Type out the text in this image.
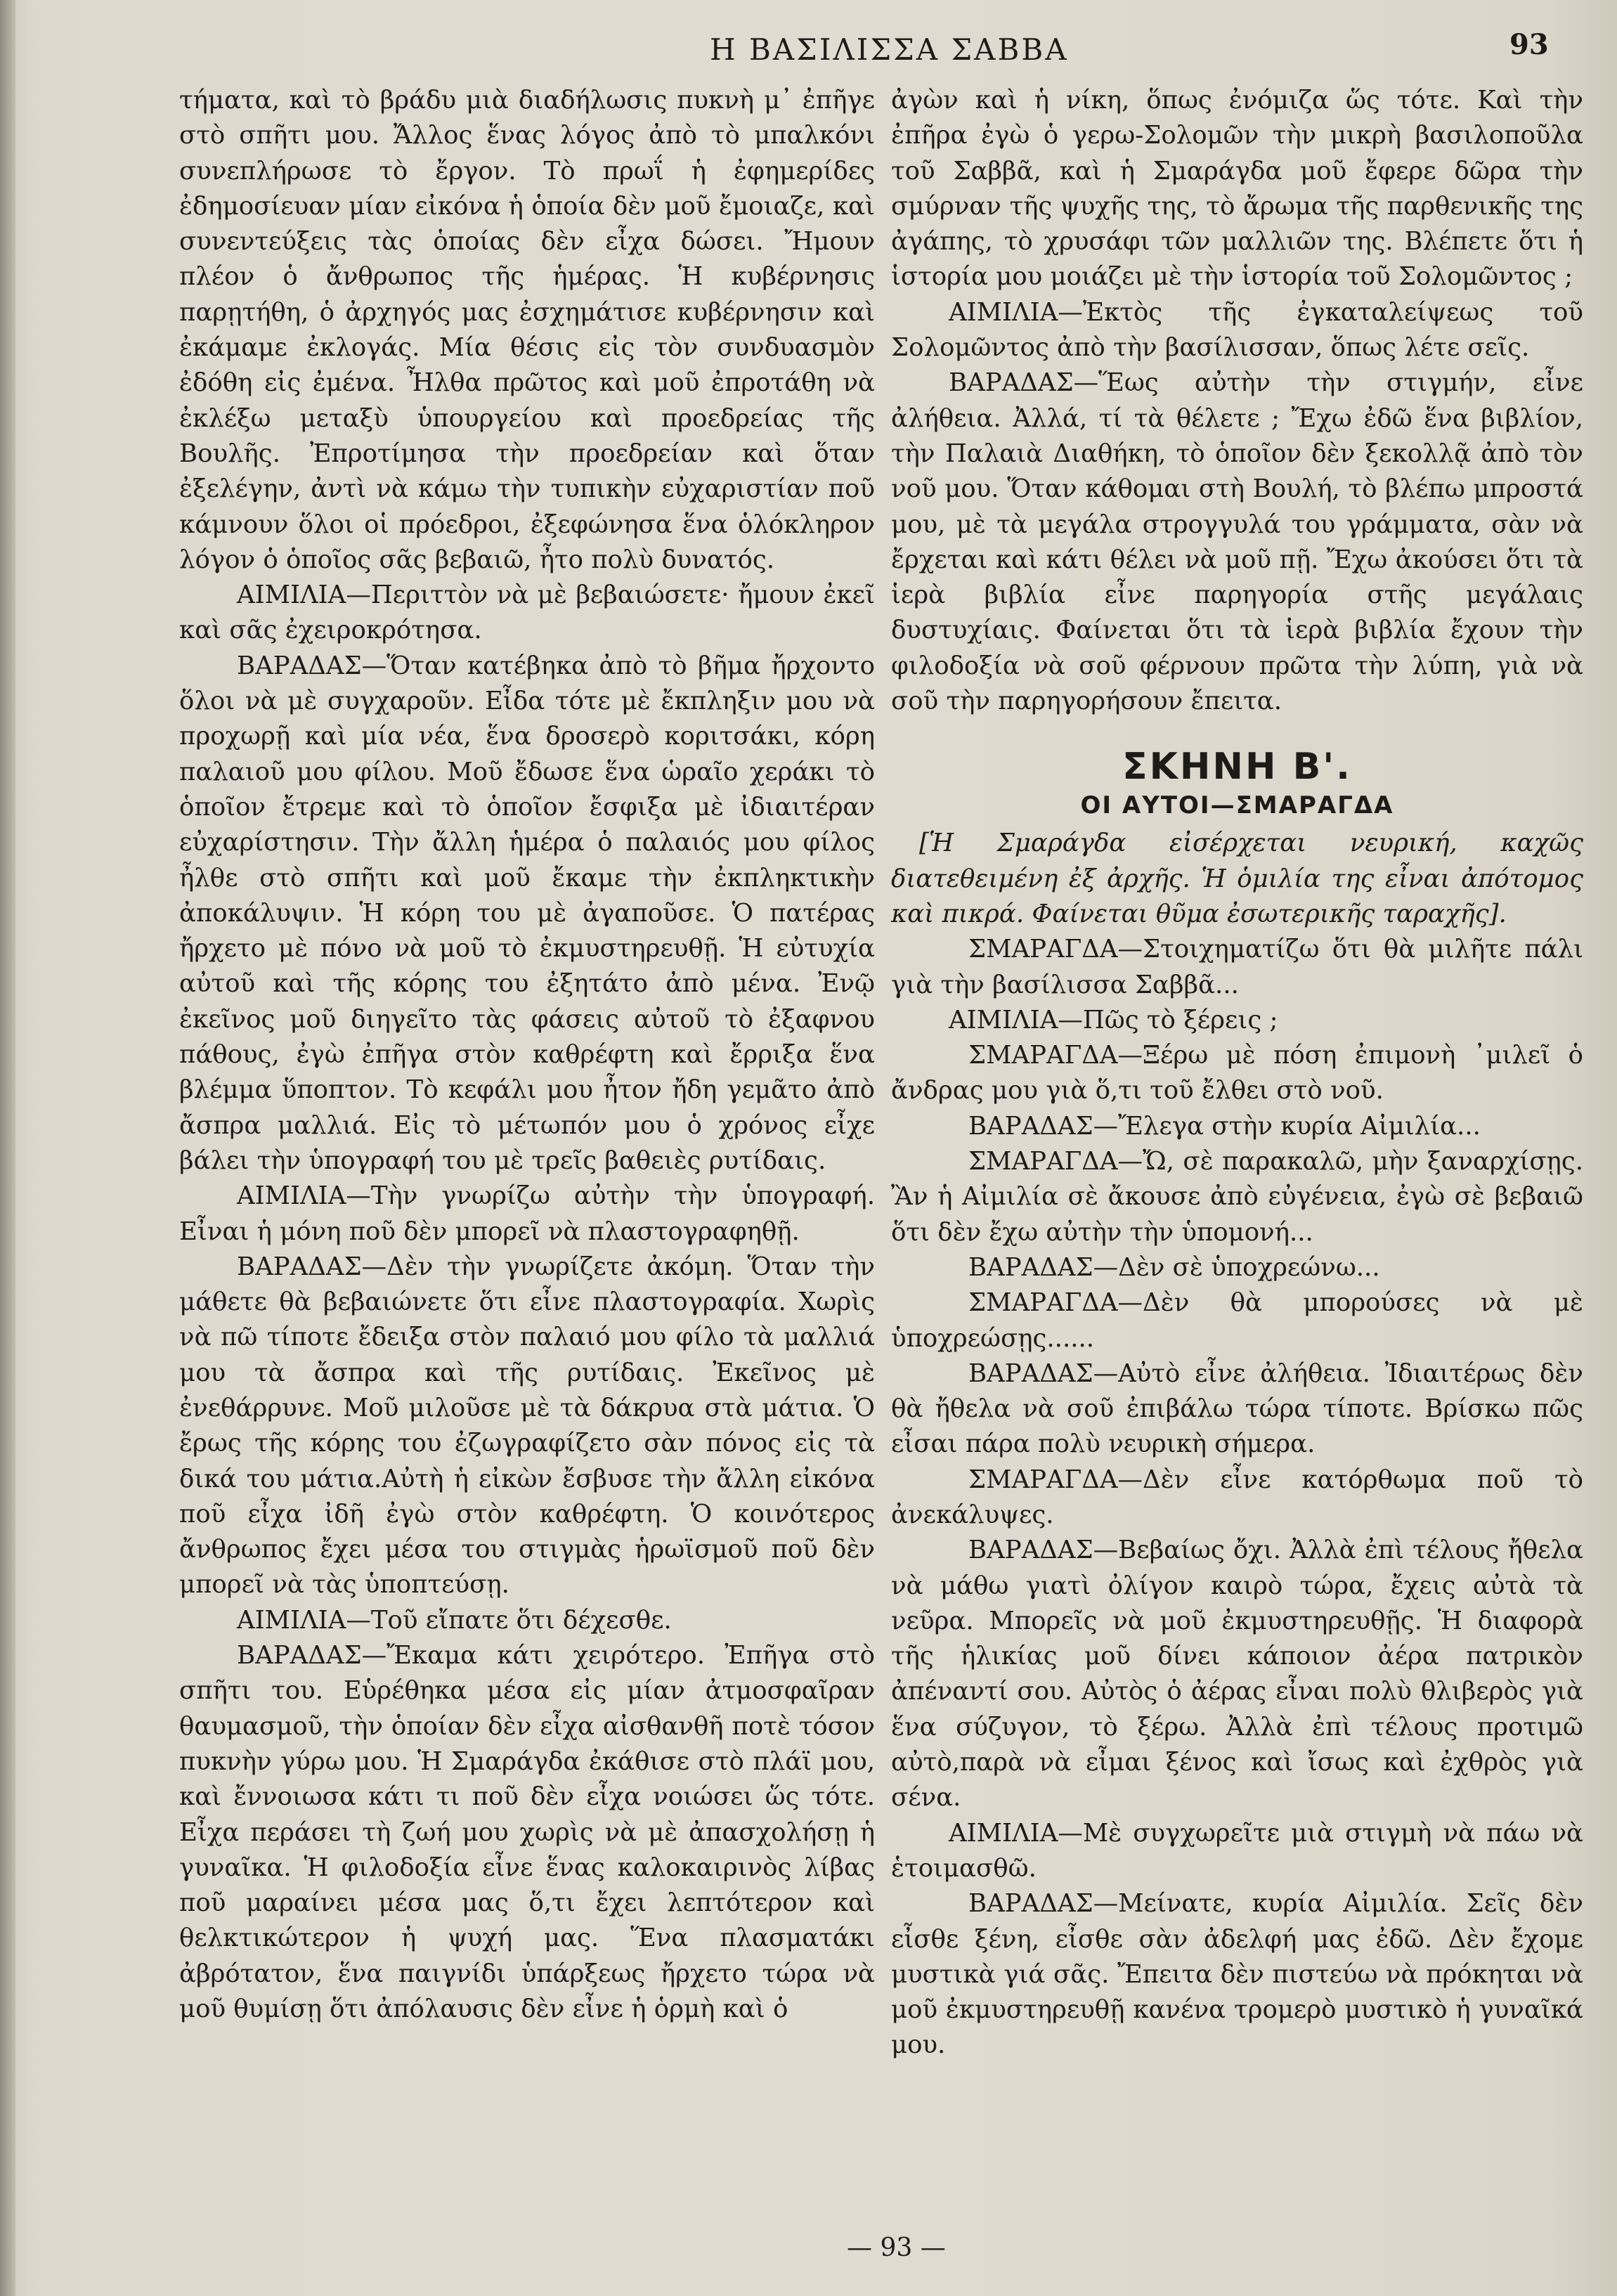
Η ΒΑΣΙΛΙΣΣΑ ΣΑΒΒΑ	93

τήματα, καὶ τὸ βράδυ μιὰ διαδήλωσις πυκνὴ μ᾽ ἐπῆγε στὸ σπῆτι μου. Ἄλλος ἕνας λόγος ἀπὸ τὸ μπαλκόνι συνεπλήρωσε τὸ ἔργον. Τὸ πρωΐ ἡ ἐφημερίδες ἐδημοσίευαν μίαν εἰκόνα ἡ ὁποία δὲν μοῦ ἔμοιαζε, καὶ συνεντεύξεις τὰς ὁποίας δὲν εἶχα δώσει. Ἤμουν πλέον ὁ ἄνθρωπος τῆς ἡμέρας. Ἡ κυβέρνησις παρῃτήθη, ὁ ἀρχηγός μας ἐσχημάτισε κυβέρνησιν καὶ ἐκάμαμε ἐκλογάς. Μία θέσις εἰς τὸν συνδυασμὸν ἐδόθη εἰς ἐμένα. Ἦλθα πρῶτος καὶ μοῦ ἐπροτάθη νὰ ἐκλέξω μεταξὺ ὑπουργείου καὶ προεδρείας τῆς Βουλῆς. Ἐπροτίμησα τὴν προεδρείαν καὶ ὅταν ἐξελέγην, ἀντὶ νὰ κάμω τὴν τυπικὴν εὐχαριστίαν ποῦ κάμνουν ὅλοι οἱ πρόεδροι, ἐξεφώνησα ἕνα ὁλόκληρον λόγον ὁ ὁποῖος σᾶς βεβαιῶ, ἦτο πολὺ δυνατός.

ΑΙΜΙΛΙΑ—Περιττὸν νὰ μὲ βεβαιώσετε· ἤμουν ἐκεῖ καὶ σᾶς ἐχειροκρότησα.

ΒΑΡΑΔΑΣ—Ὅταν κατέβηκα ἀπὸ τὸ βῆμα ἤρχοντο ὅλοι νὰ μὲ συγχαροῦν. Εἶδα τότε μὲ ἔκπληξιν μου νὰ προχωρῇ καὶ μία νέα, ἕνα δροσερὸ κοριτσάκι, κόρη παλαιοῦ μου φίλου. Μοῦ ἔδωσε ἕνα ὡραῖο χεράκι τὸ ὁποῖον ἔτρεμε καὶ τὸ ὁποῖον ἔσφιξα μὲ ἰδιαιτέραν εὐχαρίστησιν. Τὴν ἄλλη ἡμέρα ὁ παλαιός μου φίλος ἦλθε στὸ σπῆτι καὶ μοῦ ἔκαμε τὴν ἐκπληκτικὴν ἀποκάλυψιν. Ἡ κόρη του μὲ ἀγαποῦσε. Ὁ πατέρας ἤρχετο μὲ πόνο νὰ μοῦ τὸ ἐκμυστηρευθῇ. Ἡ εὐτυχία αὐτοῦ καὶ τῆς κόρης του ἐξητάτο ἀπὸ μένα. Ἐνῷ ἐκεῖνος μοῦ διηγεῖτο τὰς φάσεις αὐτοῦ τὸ ἐξαφνου πάθους, ἐγὼ ἐπῆγα στὸν καθρέφτη καὶ ἔρριξα ἕνα βλέμμα ὕποπτον. Τὸ κεφάλι μου ἦτον ἤδη γεμᾶτο ἀπὸ ἄσπρα μαλλιά. Εἰς τὸ μέτωπόν μου ὁ χρόνος εἶχε βάλει τὴν ὑπογραφή του μὲ τρεῖς βαθειὲς ρυτίδαις.

ΑΙΜΙΛΙΑ—Τὴν γνωρίζω αὐτὴν τὴν ὑπογραφή. Εἶναι ἡ μόνη ποῦ δὲν μπορεῖ νὰ πλαστογραφηθῇ.

ΒΑΡΑΔΑΣ—Δὲν τὴν γνωρίζετε ἀκόμη. Ὅταν τὴν μάθετε θὰ βεβαιώνετε ὅτι εἶνε πλαστογραφία. Χωρὶς νὰ πῶ τίποτε ἔδειξα στὸν παλαιό μου φίλο τὰ μαλλιά μου τὰ ἄσπρα καὶ τῆς ρυτίδαις. Ἐκεῖνος μὲ ἐνεθάρρυνε. Μοῦ μιλοῦσε μὲ τὰ δάκρυα στὰ μάτια. Ὁ ἔρως τῆς κόρης του ἐζωγραφίζετο σὰν πόνος εἰς τὰ δικά του μάτια.Αὐτὴ ἡ εἰκὼν ἔσβυσε τὴν ἄλλη εἰκόνα ποῦ εἶχα ἰδῆ ἐγὼ στὸν καθρέφτη. Ὁ κοινότερος ἄνθρωπος ἔχει μέσα του στιγμὰς ἡρωϊσμοῦ ποῦ δὲν μπορεῖ νὰ τὰς ὑποπτεύσῃ.

ΑΙΜΙΛΙΑ—Τοῦ εἴπατε ὅτι δέχεσθε.

ΒΑΡΑΔΑΣ—Ἔκαμα κάτι χειρότερο. Ἐπῆγα στὸ σπῆτι του. Εὑρέθηκα μέσα εἰς μίαν ἀτμοσφαῖραν θαυμασμοῦ, τὴν ὁποίαν δὲν εἶχα αἰσθανθῆ ποτὲ τόσον πυκνὴν γύρω μου. Ἡ Σμαράγδα ἐκάθισε στὸ πλάϊ μου, καὶ ἔννοιωσα κάτι τι ποῦ δὲν εἶχα νοιώσει ὥς τότε. Εἶχα περάσει τὴ ζωή μου χωρὶς νὰ μὲ ἀπασχολήσῃ ἡ γυναῖκα. Ἡ φιλοδοξία εἶνε ἕνας καλοκαιρινὸς λίβας ποῦ μαραίνει μέσα μας ὅ,τι ἔχει λεπτότερον καὶ θελκτικώτερον ἡ ψυχή μας. Ἕνα πλασματάκι ἀβρότατον, ἕνα παιγνίδι ὑπάρξεως ἤρχετο τώρα νὰ μοῦ θυμίσῃ ὅτι ἀπόλαυσις δὲν εἶνε ἡ ὁρμὴ καὶ ὁ

ἀγὼν καὶ ἡ νίκη, ὅπως ἐνόμιζα ὥς τότε. Καὶ τὴν ἐπῆρα ἐγὼ ὁ γερω-Σολομῶν τὴν μικρὴ βασιλοποῦλα τοῦ Σαββᾶ, καὶ ἡ Σμαράγδα μοῦ ἔφερε δῶρα τὴν σμύρναν τῆς ψυχῆς της, τὸ ἄρωμα τῆς παρθενικῆς της ἀγάπης, τὸ χρυσάφι τῶν μαλλιῶν της. Βλέπετε ὅτι ἡ ἱστορία μου μοιάζει μὲ τὴν ἱστορία τοῦ Σολομῶντος ;

ΑΙΜΙΛΙΑ—Ἐκτὸς τῆς ἐγκαταλείψεως τοῦ Σολομῶντος ἀπὸ τὴν βασίλισσαν, ὅπως λέτε σεῖς.

ΒΑΡΑΔΑΣ—Ἕως αὐτὴν τὴν στιγμήν, εἶνε ἀλήθεια. Ἀλλά, τί τὰ θέλετε ; Ἔχω ἐδῶ ἕνα βιβλίον, τὴν Παλαιὰ Διαθήκη, τὸ ὁποῖον δὲν ξεκολλᾷ ἀπὸ τὸν νοῦ μου. Ὅταν κάθομαι στὴ Βουλή, τὸ βλέπω μπροστά μου, μὲ τὰ μεγάλα στρογγυλά του γράμματα, σὰν νὰ ἔρχεται καὶ κάτι θέλει νὰ μοῦ πῇ. Ἔχω ἀκούσει ὅτι τὰ ἱερὰ βιβλία εἶνε παρηγορία στῆς μεγάλαις δυστυχίαις. Φαίνεται ὅτι τὰ ἱερὰ βιβλία ἔχουν τὴν φιλοδοξία νὰ σοῦ φέρνουν πρῶτα τὴν λύπη, γιὰ νὰ σοῦ τὴν παρηγορήσουν ἔπειτα.

ΣΚΗΝΗ Β'.
ΟΙ ΑΥΤΟΙ—ΣΜΑΡΑΓΔΑ

[Ἡ Σμαράγδα εἰσέρχεται νευρική, καχῶς διατεθειμένη ἐξ ἀρχῆς. Ἡ ὁμιλία της εἶναι ἀπότομος καὶ πικρά. Φαίνεται θῦμα ἐσωτερικῆς ταραχῆς].

ΣΜΑΡΑΓΔΑ—Στοιχηματίζω ὅτι θὰ μιλῆτε πάλι γιὰ τὴν βασίλισσα Σαββᾶ...

ΑΙΜΙΛΙΑ—Πῶς τὸ ξέρεις ;

ΣΜΑΡΑΓΔΑ—Ξέρω μὲ πόση ἐπιμονὴ ᾿μιλεῖ ὁ ἄνδρας μου γιὰ ὅ,τι τοῦ ἔλθει στὸ νοῦ.

ΒΑΡΑΔΑΣ—Ἔλεγα στὴν κυρία Αἰμιλία...

ΣΜΑΡΑΓΔΑ—Ὤ, σὲ παρακαλῶ, μὴν ξαναρχίσῃς. Ἂν ἡ Αἰμιλία σὲ ἄκουσε ἀπὸ εὐγένεια, ἐγὼ σὲ βεβαιῶ ὅτι δὲν ἔχω αὐτὴν τὴν ὑπομονή...

ΒΑΡΑΔΑΣ—Δὲν σὲ ὑποχρεώνω...

ΣΜΑΡΑΓΔΑ—Δὲν θὰ μπορούσες νὰ μὲ ὑποχρεώσῃς......

ΒΑΡΑΔΑΣ—Αὐτὸ εἶνε ἀλήθεια. Ἰδιαιτέρως δὲν θὰ ἤθελα νὰ σοῦ ἐπιβάλω τώρα τίποτε. Βρίσκω πῶς εἶσαι πάρα πολὺ νευρικὴ σήμερα.

ΣΜΑΡΑΓΔΑ—Δὲν εἶνε κατόρθωμα ποῦ τὸ ἀνεκάλυψες.

ΒΑΡΑΔΑΣ—Βεβαίως ὄχι. Ἀλλὰ ἐπὶ τέλους ἤθελα νὰ μάθω γιατὶ ὀλίγον καιρὸ τώρα, ἔχεις αὐτὰ τὰ νεῦρα. Μπορεῖς νὰ μοῦ ἐκμυστηρευθῇς. Ἡ διαφορὰ τῆς ἡλικίας μοῦ δίνει κάποιον ἀέρα πατρικὸν ἀπέναντί σου. Αὐτὸς ὁ ἀέρας εἶναι πολὺ θλιβερὸς γιὰ ἕνα σύζυγον, τὸ ξέρω. Ἀλλὰ ἐπὶ τέλους προτιμῶ αὐτὸ,παρὰ νὰ εἶμαι ξένος καὶ ἴσως καὶ ἐχθρὸς γιὰ σένα.

ΑΙΜΙΛΙΑ—Μὲ συγχωρεῖτε μιὰ στιγμὴ νὰ πάω νὰ ἑτοιμασθῶ.

ΒΑΡΑΔΑΣ—Μείνατε, κυρία Αἰμιλία. Σεῖς δὲν εἶσθε ξένη, εἶσθε σὰν ἀδελφή μας ἐδῶ. Δὲν ἔχομε μυστικὰ γιά σᾶς. Ἔπειτα δὲν πιστεύω νὰ πρόκηται νὰ μοῦ ἐκμυστηρευθῇ κανένα τρομερὸ μυστικὸ ἡ γυναῖκά μου.

— 93 —
